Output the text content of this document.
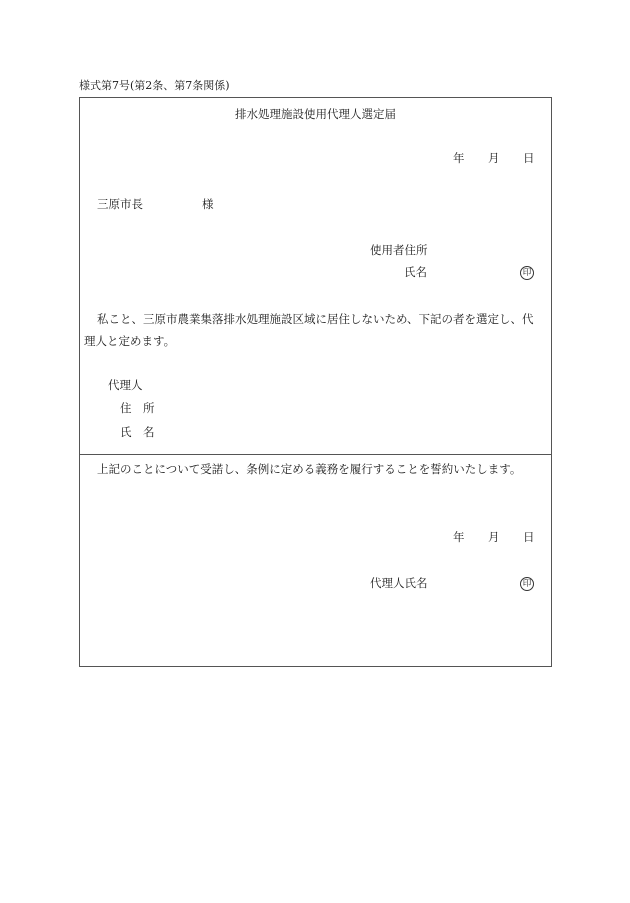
様式第7号(第2条、第7条関係)
排水処理施設使用代理人選定届
年 月 日
三原市長	様
使用者住所
氏名	印
私こと、三原市農業集落排水処理施設区域に居住しないため、下記の者を選定し、代
理人と定めます。
代理人
住　所
氏　名
上記のことについて受諾し、条例に定める義務を履行することを誓約いたします。
年 月 日
代理人氏名	印
